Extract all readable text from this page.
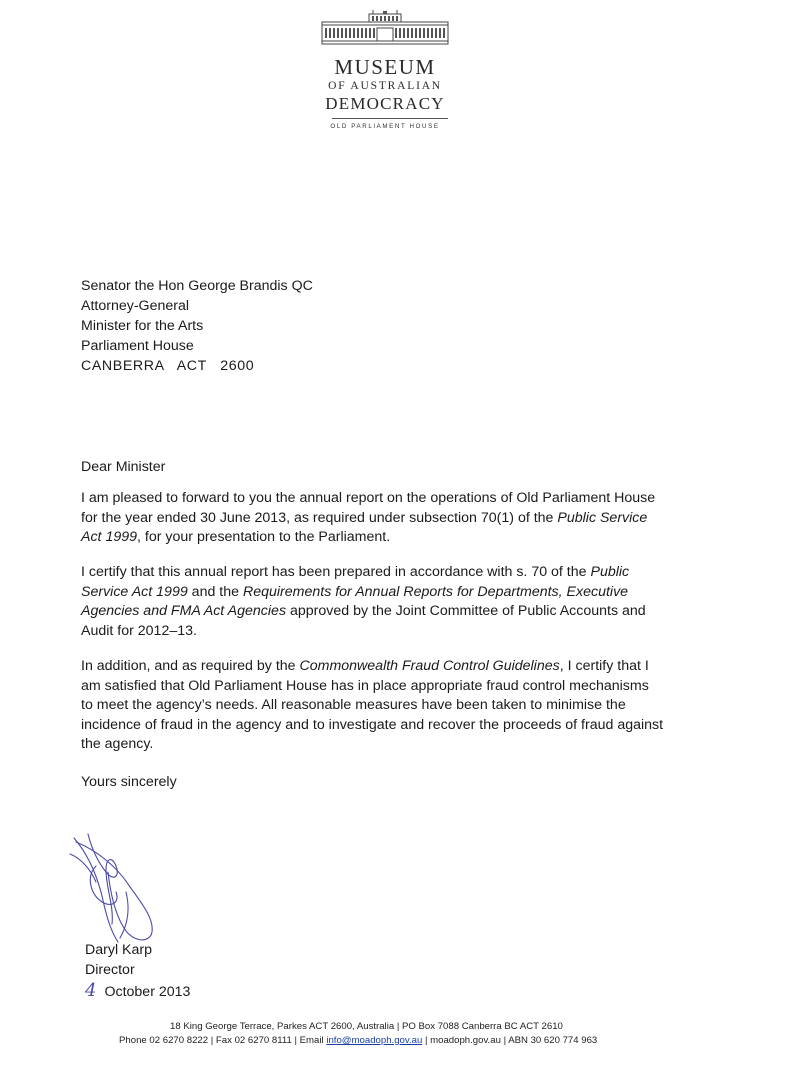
MUSEUM
OF AUSTRALIAN
DEMOCRACY
OLD PARLIAMENT HOUSE
Senator the Hon George Brandis QC
Attorney-General
Minister for the Arts
Parliament House
CANBERRA   ACT   2600
Dear Minister
I am pleased to forward to you the annual report on the operations of Old Parliament House
for the year ended 30 June 2013, as required under subsection 70(1) of the Public Service
Act 1999, for your presentation to the Parliament.
I certify that this annual report has been prepared in accordance with s. 70 of the Public
Service Act 1999 and the Requirements for Annual Reports for Departments, Executive
Agencies and FMA Act Agencies approved by the Joint Committee of Public Accounts and
Audit for 2012–13.
In addition, and as required by the Commonwealth Fraud Control Guidelines, I certify that I
am satisfied that Old Parliament House has in place appropriate fraud control mechanisms
to meet the agency’s needs. All reasonable measures have been taken to minimise the
incidence of fraud in the agency and to investigate and recover the proceeds of fraud against
the agency.
Yours sincerely
Daryl Karp
Director
4 October 2013
18 King George Terrace, Parkes ACT 2600, Australia | PO Box 7088 Canberra BC ACT 2610
Phone 02 6270 8222 | Fax 02 6270 8111 | Email info@moadoph.gov.au | moadoph.gov.au | ABN 30 620 774 963
